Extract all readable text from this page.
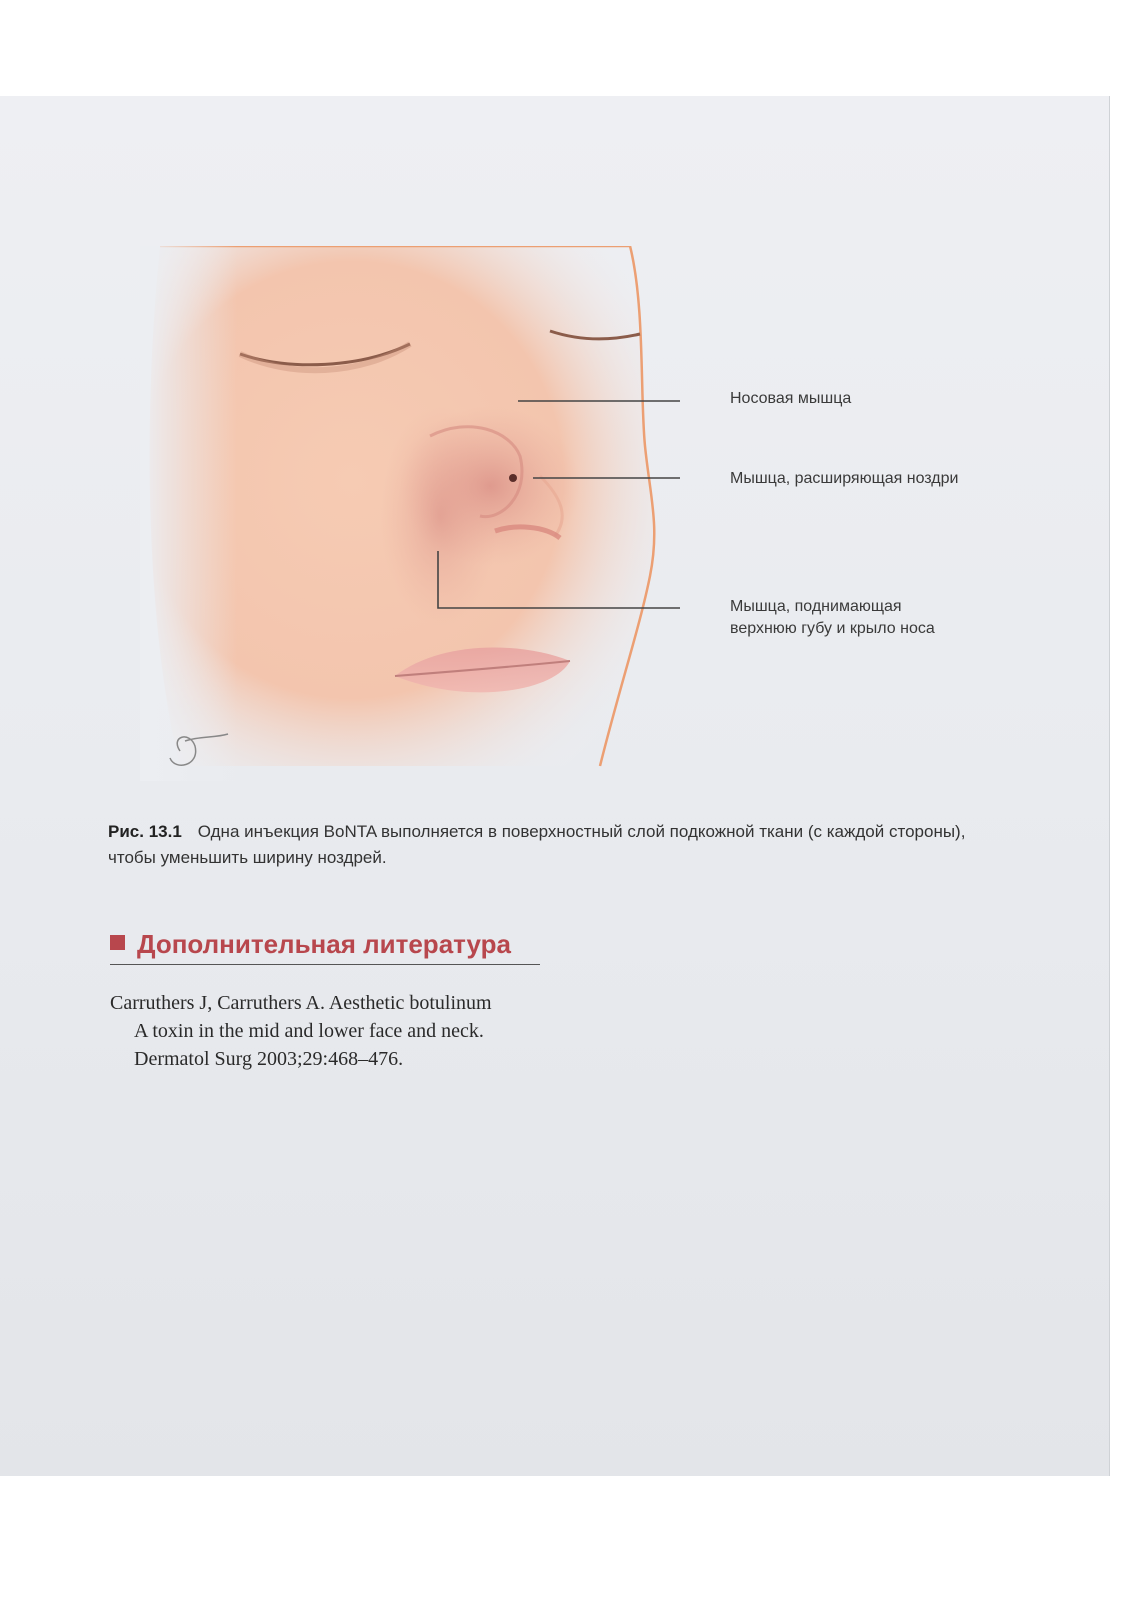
Носовая мышца
Мышца, расширяющая ноздри
Мышца, поднимающая
верхнюю губу и крыло носа
Рис. 13.1 Одна инъекция BoNTA выполняется в поверхностный слой подкожной ткани (с каждой стороны), чтобы уменьшить ширину ноздрей.
Дополнительная литература
Carruthers J, Carruthers A. Aesthetic botulinum
A toxin in the mid and lower face and neck.
Dermatol Surg 2003;29:468–476.
